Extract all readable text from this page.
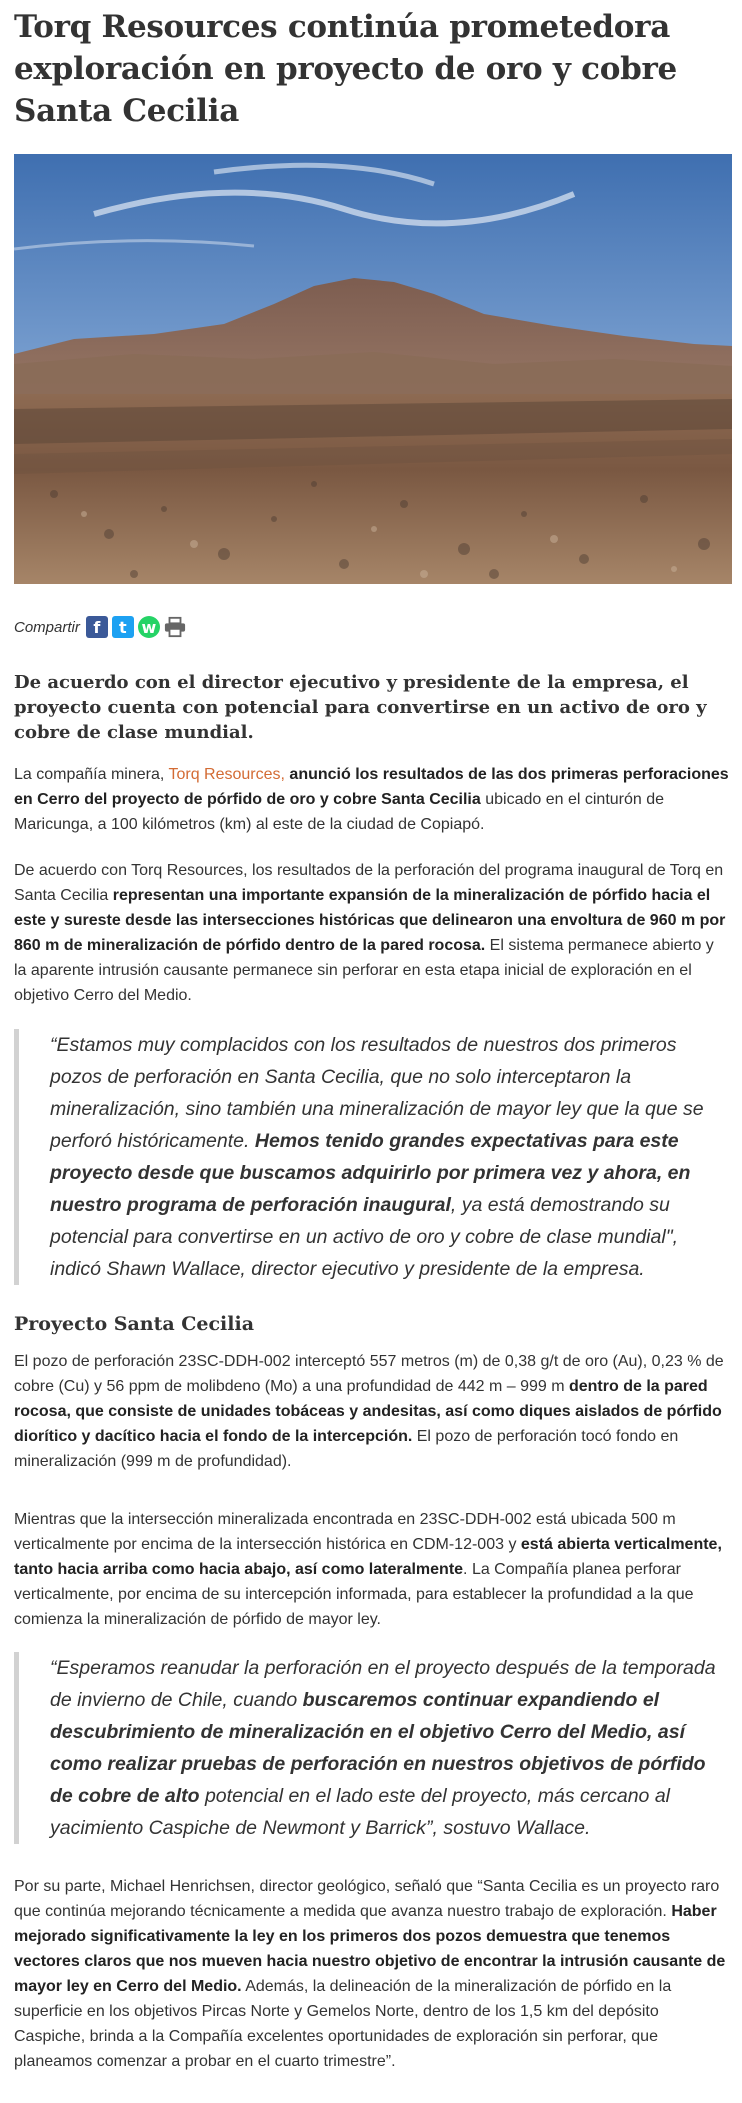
Torq Resources continúa prometedora exploración en proyecto de oro y cobre Santa Cecilia
Compartir f	t w
De acuerdo con el director ejecutivo y presidente de la empresa, el proyecto cuenta con potencial para convertirse en un activo de oro y cobre de clase mundial.

La compañía minera, Torq Resources, anunció los resultados de las dos primeras perforaciones en Cerro del proyecto de pórfido de oro y cobre Santa Cecilia ubicado en el cinturón de Maricunga, a 100 kilómetros (km) al este de la ciudad de Copiapó.

De acuerdo con Torq Resources, los resultados de la perforación del programa inaugural de Torq en Santa Cecilia representan una importante expansión de la mineralización de pórfido hacia el este y sureste desde las intersecciones históricas que delinearon una envoltura de 960 m por 860 m de mineralización de pórfido dentro de la pared rocosa. El sistema permanece abierto y la aparente intrusión causante permanece sin perforar en esta etapa inicial de exploración en el objetivo Cerro del Medio.

“Estamos muy complacidos con los resultados de nuestros dos primeros pozos de perforación en Santa Cecilia, que no solo interceptaron la mineralización, sino también una mineralización de mayor ley que la que se perforó históricamente. Hemos tenido grandes expectativas para este proyecto desde que buscamos adquirirlo por primera vez y ahora, en nuestro programa de perforación inaugural, ya está demostrando su potencial para convertirse en un activo de oro y cobre de clase mundial", indicó Shawn Wallace, director ejecutivo y presidente de la empresa.
Proyecto Santa Cecilia

El pozo de perforación 23SC-DDH-002 interceptó 557 metros (m) de 0,38 g/t de oro (Au), 0,23 % de cobre (Cu) y 56 ppm de molibdeno (Mo) a una profundidad de 442 m – 999 m dentro de la pared rocosa, que consiste de unidades tobáceas y andesitas, así como diques aislados de pórfido diorítico y dacítico hacia el fondo de la intercepción. El pozo de perforación tocó fondo en mineralización (999 m de profundidad).

Mientras que la intersección mineralizada encontrada en 23SC-DDH-002 está ubicada 500 m verticalmente por encima de la intersección histórica en CDM-12-003 y está abierta verticalmente, tanto hacia arriba como hacia abajo, así como lateralmente. La Compañía planea perforar verticalmente, por encima de su intercepción informada, para establecer la profundidad a la que comienza la mineralización de pórfido de mayor ley.

“Esperamos reanudar la perforación en el proyecto después de la temporada de invierno de Chile, cuando buscaremos continuar expandiendo el descubrimiento de mineralización en el objetivo Cerro del Medio, así como realizar pruebas de perforación en nuestros objetivos de pórfido de cobre de alto potencial en el lado este del proyecto, más cercano al yacimiento Caspiche de Newmont y Barrick”, sostuvo Wallace.

Por su parte, Michael Henrichsen, director geológico, señaló que “Santa Cecilia es un proyecto raro que continúa mejorando técnicamente a medida que avanza nuestro trabajo de exploración. Haber mejorado significativamente la ley en los primeros dos pozos demuestra que tenemos vectores claros que nos mueven hacia nuestro objetivo de encontrar la intrusión causante de mayor ley en Cerro del Medio. Además, la delineación de la mineralización de pórfido en la superficie en los objetivos Pircas Norte y Gemelos Norte, dentro de los 1,5 km del depósito Caspiche, brinda a la Compañía excelentes oportunidades de exploración sin perforar, que planeamos comenzar a probar en el cuarto trimestre”.
